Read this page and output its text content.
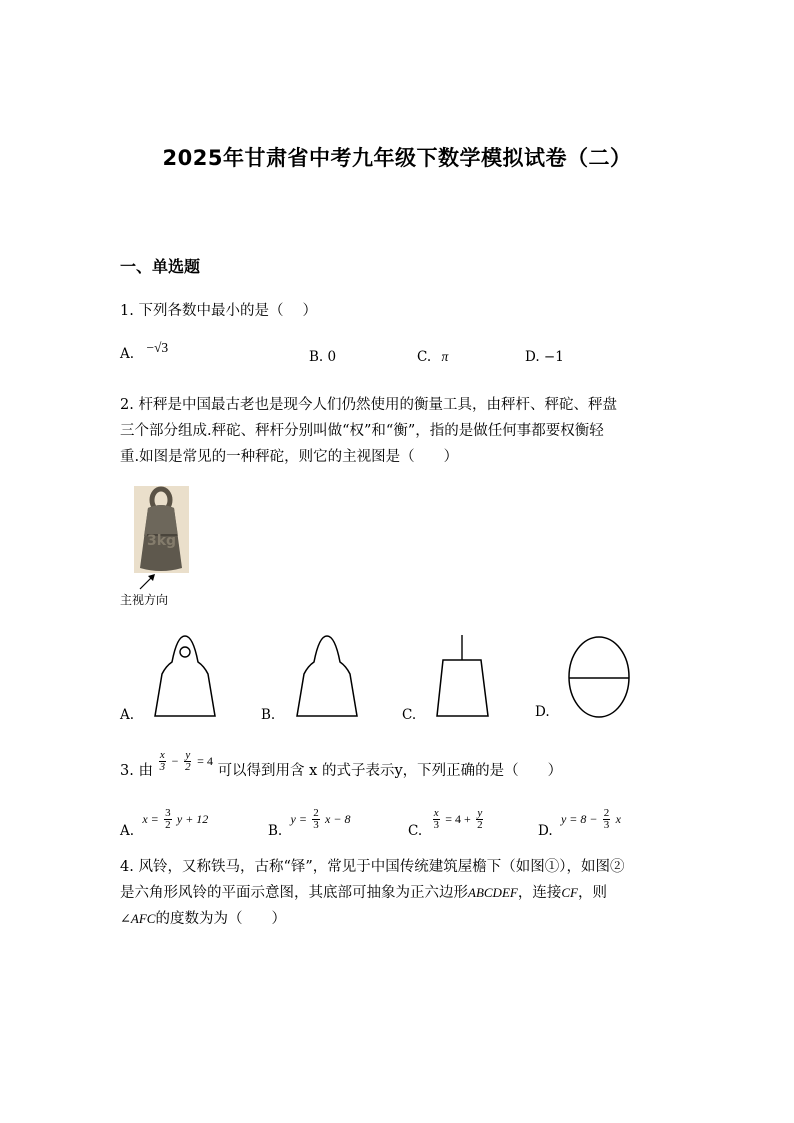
2025年甘肃省中考九年级下数学模拟试卷（二）
一、单选题
1. 下列各数中最小的是（　 ）
A. −√3
B. 0	C. π	D. −1
2. 杆秤是中国最古老也是现今人们仍然使用的衡量工具，由秤杆、秤砣、秤盘
三个部分组成.秤砣、秤杆分别叫做“权”和“衡”，指的是做任何事都要权衡轻
重.如图是常见的一种秤砣，则它的主视图是（　　）
3kg
主视方向
A.	B.	C.	D.
3. 由 $\frac{x}{3} ^- \frac{y}{2} ^{= 4}$ 可以得到用含 x 的式子表示y，下列正确的是（　　）
A. $x = \frac{3}{2}$ y + 12
B. $y = \frac{2}{3}$ x − 8
C. $\frac{x}{3} = 4 + \frac{y}{2}$	D. $y = 8 - \frac{2}{3}$ x
4. 风铃，又称铁马，古称“铎”，常见于中国传统建筑屋檐下（如图①），如图②
是六角形风铃的平面示意图，其底部可抽象为正六边形ABCDEF，连接CF，则
∠AFC的度数为为（　　）
